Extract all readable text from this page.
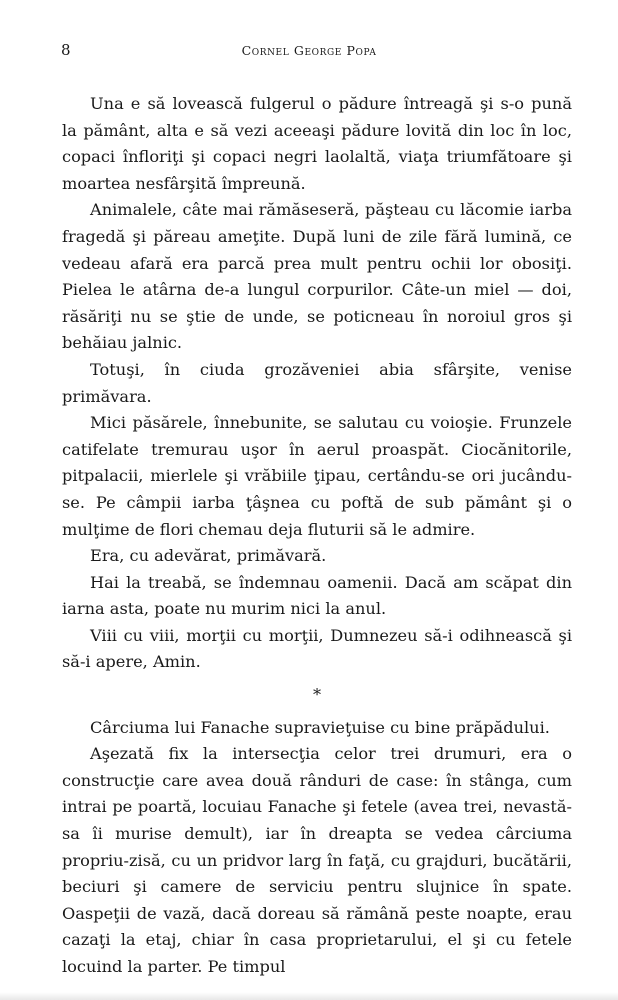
8	Cornel George Popa

Una e să lovească fulgerul o pădure întreagă şi s-o pună la pământ, alta e să vezi aceeaşi pădure lovită din loc în loc, copaci înfloriţi şi copaci negri laolaltă, viaţa triumfătoare şi moartea nesfârşită împreună.

Animalele, câte mai rămăseseră, păşteau cu lăcomie iarba fragedă şi păreau ameţite. După luni de zile fără lumină, ce vedeau afară era parcă prea mult pentru ochii lor obosiţi. Pielea le atârna de-a lungul corpurilor. Câte-un miel — doi, răsăriţi nu se ştie de unde, se poticneau în noroiul gros şi behăiau jalnic.

Totuşi, în ciuda grozăveniei abia sfârşite, venise primăvara.

Mici păsărele, înnebunite, se salutau cu voioşie. Frunzele catifelate tremurau uşor în aerul proaspăt. Ciocănitorile, pitpalacii, mierlele şi vrăbiile ţipau, certându-se ori jucându-se. Pe câmpii iarba ţâşnea cu poftă de sub pământ şi o mulţime de flori chemau deja fluturii să le admire.

Era, cu adevărat, primăvară.

Hai la treabă, se îndemnau oamenii. Dacă am scăpat din iarna asta, poate nu murim nici la anul.

Viii cu viii, morţii cu morţii, Dumnezeu să-i odihnească şi să-i apere, Amin.

*

Cârciuma lui Fanache supravieţuise cu bine prăpădului.

Aşezată fix la intersecţia celor trei drumuri, era o construcţie care avea două rânduri de case: în stânga, cum intrai pe poartă, locuiau Fanache şi fetele (avea trei, nevastă-sa îi murise demult), iar în dreapta se vedea cârciuma propriu-zisă, cu un pridvor larg în faţă, cu grajduri, bucătării, beciuri şi camere de serviciu pentru slujnice în spate. Oaspeţii de vază, dacă doreau să rămână peste noapte, erau cazaţi la etaj, chiar în casa proprietarului, el şi cu fetele locuind la parter. Pe timpul
